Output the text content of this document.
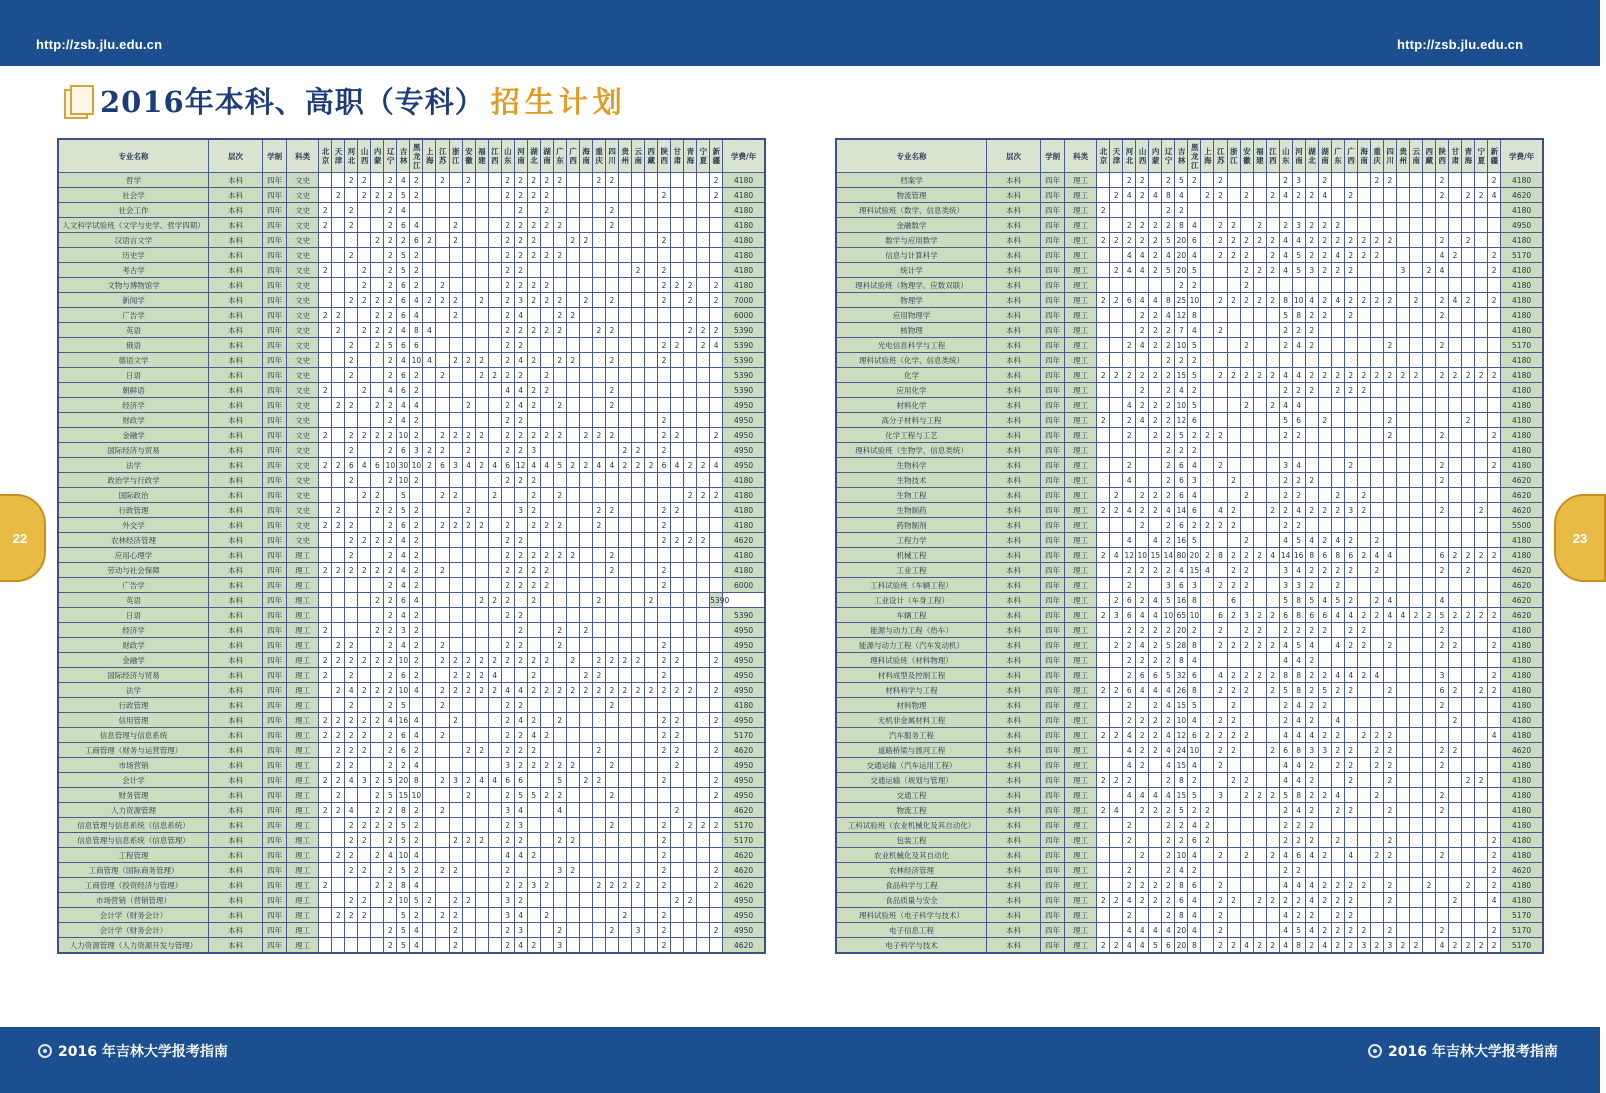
http://zsb.jlu.edu.cn	http://zsb.jlu.edu.cn
2016年本科、高职（专科） 招生计划
22	23
专业名称	层次	学制	科类	北京	天津	河北	山西	内蒙	辽宁	吉林	黑龙江	上海	江苏	浙江	安徽	福建	江西	山东	河南	湖北	湖南	广东	广西	海南	重庆	四川	贵州	云南	西藏	陕西	甘肃	青海	宁夏	新疆	学费/年
哲学	本科	四年	文史			2	2		2	4	2		2		2			2	2	2	2	2			2	2								2	4180
社会学	本科	四年	文史		2		2	2	2	5	2							2	2	2	2									2				2	4180
社会工作	本科	四年	文史	2		2			2	4									2		2					2									4180
人文科学试验班（文学与史学、哲学四期）	本科	四年	文史	2		2			2	6	4			2				2	2	2	2	2				2									4180
汉语言文学	本科	四年	文史					2	2	2	6	2		2				2	2	2			2	2						2					4180
历史学	本科	四年	文史			2			2	5	2							2	2	2	2	2													4180
考古学	本科	四年	文史	2			2		2	5	2							2	2									2		2					4180
文物与博物馆学	本科	四年	文史				2		2	6	2		2					2	2	2	2									2	2	2		2	4180
新闻学	本科	四年	文史			2	2	2	2	6	4	2	2	2		2		2	3	2	2	2		2		2				2		2		2	7000
广告学	本科	四年	文史	2	2			2	2	6	4			2				2	4			2	2												6000
英语	本科	四年	文史		2		2	2	2	4	8	4						2	2	2	2	2			2	2						2	2	2	5390
俄语	本科	四年	文史			2		2	5	6	6							2	2											2	2		2	4	5390
德语文学	本科	四年	文史			2			2	4	10	4		2	2	2		2	4	2		2	2			2				2					5390
日语	本科	四年	文史			2			2	6	2		2			2	2	2	2		2														5390
朝鲜语	本科	四年	文史	2			2		4	6	2							4	4	2	2					2									5390
经济学	本科	四年	文史		2	2		2	2	4	4				2			2	4	2		2				2									4950
财政学	本科	四年	文史						2	4	2							2	2											2					4950
金融学	本科	四年	文史	2		2	2	2	2	10	2		2	2	2	2		2	2	2	2	2		2	2	2				2	2			2	4950
国际经济与贸易	本科	四年	文史			2			2	6	3	2	2		2			2	2	3							2	2		2					4950
法学	本科	四年	文史	2	2	6	4	6	10	30	10	2	6	3	4	2	4	6	12	4	4	5	2	2	4	4	2	2	2	6	4	2	2	4	4950
政治学与行政学	本科	四年	文史			2			2	10	2							2	2	2															4180
国际政治	本科	四年	文史				2	2		5			2	2			2			2		2										2	2	2	4180
行政管理	本科	四年	文史		2			2	2	5	2				2				3	2					2	2				2	2				4180
外交学	本科	四年	文史	2	2	2			2	6	2		2	2	2	2		2		2	2	2			2					2					4180
农林经济管理	本科	四年	文史			2	2	2	2	4	2							2	2											2	2	2	2		4620
应用心理学	本科	四年	理工			2			2	4	2							2	2	2	2	2	2			2									4180
劳动与社会保障	本科	四年	理工	2	2	2	2	2	2	4	2		2					2	2	2	2					2				2					4180
广告学	本科	四年	理工						2	4	2							2	2	2	2									2					6000
英语	本科	四年	理工					2	2	6	4					2	2	2		2					2				2					5390	
日语	本科	四年	理工						2	4	2							2	2																5390
经济学	本科	四年	理工	2				2	2	3	2								2			2		2											4950
财政学	本科	四年	理工		2	2			2	4	2		2					2	2			2								2					4950
金融学	本科	四年	理工	2	2	2	2	2	2	10	2		2	2	2	2	2	2	2	2	2		2		2	2	2	2		2	2			2	4950
国际经济与贸易	本科	四年	理工	2		2			2	6	2			2	2	2	4			2				2	2					2					4950
法学	本科	四年	理工		2	4	2	2	2	10	4		2	2	2	2	2	4	4	2	2	2	2	2	2	2	2	2	2	2	2	2		2	4950
行政管理	本科	四年	理工			2			2	5			2					2	2							2									4180
信用管理	本科	四年	理工	2	2	2	2	2	4	16	4			2				2	4	2		2								2	2			2	4950
信息管理与信息系统	本科	四年	理工	2	2	2	2		2	6	4		2					2	2	4	2									2	2				5170
工商管理（财务与运营管理）	本科	四年	理工		2	2	2		2	6	2				2	2		2	2	2					2					2	2			2	4620
市场营销	本科	四年	理工		2	2			2	2	4							3	2	2	2	2	2			2					2				4950
会计学	本科	四年	理工	2	2	4	3	2	5	20	8		2	3	2	4	4	6	6			5		2	2					2				2	4950
财务管理	本科	四年	理工		2			2	5	15	10				2			2	5	5	2	2				2								2	4950
人力资源管理	本科	四年	理工	2	2	4		2	2	8	2		2					3	4			4									2				4620
信息管理与信息系统（信息系统）	本科	四年	理工			2	2	2	2	5	2							2	3							2				2		2	2	2	5170
信息管理与信息系统（信息管理）	本科	四年	理工			2	2		2	5	2			2	2	2		2	2			2	2							2					5170
工程管理	本科	四年	理工		2	2		2	4	10	4							4	4	2										2					4620
工商管理（国际商务管理）	本科	四年	理工			2	2		2	5	2		2	2				2				3	2							2				2	4620
工商管理（投资经济与管理）	本科	四年	理工	2				2	2	8	4							2	2	3	2				2	2	2	2		2				2	4620
市场营销（营销管理）	本科	四年	理工			2	2		2	10	5	2		2	2			3	2												2	2			4950
会计学（财务会计）	本科	四年	理工		2	2	2			5	2		2	2				3	4		2						2			2					4950
会计学（财务会计）	本科	四年	理工						2	5	4			2				2	3			2				2		3		2				2	4950
人力资源管理（人力资源开发与管理）	本科	四年	理工						2	5	4			2				2	4	2		3								2					4620
专业名称	层次	学制	科类	北京	天津	河北	山西	内蒙	辽宁	吉林	黑龙江	上海	江苏	浙江	安徽	福建	江西	山东	河南	湖北	湖南	广东	广西	海南	重庆	四川	贵州	云南	西藏	陕西	甘肃	青海	宁夏	新疆	学费/年
档案学	本科	四年	理工			2	2		2	5	2		2					2	3		2				2	2				2				2	4180
物流管理	本科	四年	理工		2	4	2	4	8	4		2	2		2		2	4	2	2	4		2							2		2	2	4	4620
理科试验班（数学、信息类统）	本科	四年	理工	2					2	2																									4180
金融数学	本科	四年	理工			2	2	2	2	8	4		2	2		2		2	3	2	2	2													4950
数学与应用数学	本科	四年	理工	2	2	2	2	2	5	20	6		2	2	2	2	2	4	4	2	2	2	2	2	2	2				2		2			4180
信息与计算科学	本科	四年	理工			4	4	2	4	20	4		2	2	2		2	4	5	2	2	4	2	2	2					4	2			2	5170
统计学	本科	四年	理工		2	4	4	2	5	20	5				2	2	2	4	5	3	2	2	2				3		2	4				2	4180
理科试验班（物理学、应数双联）	本科	四年	理工							2	2				2																				4180
物理学	本科	四年	理工	2	2	6	4	4	8	25	10		2	2	2	2	2	8	10	4	2	4	2	2	2	2		2		2	4	2		2	4180
应用物理学	本科	四年	理工				2	2	4	12	8							5	8	2	2		2							2					4180
核物理	本科	四年	理工				2	2	2	7	4		2					2	2	2															4180
光电信息科学与工程	本科	四年	理工			2	4	2	2	10	5				2			2	4	2						2				2					5170
理科试验班（化学、信息类统）	本科	四年	理工						2	2	2																								4180
化学	本科	四年	理工	2	2	2	2	2	2	15	5		2	2	2	2	2	4	4	2	2	2	2	2	2	2	2	2		2	2	2	2	2	4180
应用化学	本科	四年	理工				2		2	4	2							2	2	2		2	2	2											4180
材料化学	本科	四年	理工			4	2	2	2	10	5				2		2	4	4																4180
高分子材料与工程	本科	四年	理工	2		2	4	2	2	12	6							5	6		2					2						2			4180
化学工程与工艺	本科	四年	理工			2		2	2	5	2	2	2					2	2							2				2				2	4180
理科试验班（生物学、信息类统）	本科	四年	理工						2	2	2																								4180
生物科学	本科	四年	理工			2			2	6	4		2					3	4				2							2				2	4180
生物技术	本科	四年	理工			4			2	6	3			2				2	2	2										2					4620
生物工程	本科	四年	理工		2		2	2	2	6	4				2			2	2			2		2											4620
生物制药	本科	四年	理工	2	2	4	2	2	4	14	6		4	2			2	2	4	2	2	2	3	2						2			2		4620
药物制剂	本科	四年	理工				2		2	6	2	2	2	2				2	2																5500
工程力学	本科	四年	理工			4		4	2	16	5				2			4	5	4	2	4	2		2										4180
机械工程	本科	四年	理工	2	4	12	10	15	14	80	20	2	8	2	2	2	4	14	16	8	6	8	6	2	4	4				6	2	2	2	2	4180
工业工程	本科	四年	理工			2	2	2	2	4	15	4		2	2			3	4	2	2	2	2		2					2		2			4620
工科试验班（车辆工程）	本科	四年	理工			2			3	6	3		2	2	2			3	3	2		2													4620
工业设计（车身工程）	本科	四年	理工		2	6	2	4	5	16	8			6				5	8	5	4	5	2		2	4				4					4620
车辆工程	本科	四年	理工	2	3	6	4	4	10	65	10		6	2	3	2	2	6	8	6	6	4	4	2	2	4	4	2	2	5	2	2	2	2	4620
能源与动力工程（热车）	本科	四年	理工			2	2	2	2	20	2		2		2	2		2	2	2	2		2	2						2					4180
能源与动力工程（汽车发动机）	本科	四年	理工		2	2	4	2	5	28	8		2	2	2	2	2	4	5	4		4	2	2		2				2	2			2	4180
理科试验班（材料物理）	本科	四年	理工			2	2	2	2	8	4							4	4	2															4180
材料成型及控制工程	本科	四年	理工			2	6	6	5	32	6		4	2	2	2	2	8	8	2	2	4	4	2	4					3				2	4180
材料科学与工程	本科	四年	理工	2	2	6	4	4	4	26	8		2	2	2		2	5	8	2	5	2	2			2				6	2		2	2	4180
材料物理	本科	四年	理工			2		2	4	15	5			2				2	4	2	2									2					4180
无机非金属材料工程	本科	四年	理工			2	2	2	2	10	4		2	2				2	4	2		4									2				4180
汽车服务工程	本科	四年	理工	2	2	4	2	2	4	12	6	2	2	2	2			4	4	4	2	2		2	2	2								4	4180
道路桥梁与渡河工程	本科	四年	理工			4	2	2	4	24	10		2	2			2	6	8	3	3	2	2		2	2				2	2				4620
交通运输（汽车运用工程）	本科	四年	理工			4	2		4	15	4		2					4	4	2		2	2		2	2				2					4180
交通运输（规划与管理）	本科	四年	理工	2	2	2			2	8	2			2	2			4	4	2			2			2						2	2		4180
交通工程	本科	四年	理工			4	4	4	4	15	5		3		2	2	2	5	8	2	2	4			2					2					4180
物流工程	本科	四年	理工	2	4		2	2	2	5	2	2						2	4	2		2	2			2				2					4180
工科试验班（农业机械化及其自动化）	本科	四年	理工			2			2	2	4	2						2	2	2															4180
包装工程	本科	四年	理工			2			2	2	6	2						2	2	2		2				2								2	4180
农业机械化及其自动化	本科	四年	理工				2		2	10	4		2		2		2	4	6	4	2		4		2	2				2				2	4180
农林经济管理	本科	四年	理工			2			2	4	2							2	2															2	4620
食品科学与工程	本科	四年	理工			2	2	2	2	8	6		2					4	4	4	2	2	2	2		2			2			2		2	4180
食品质量与安全	本科	四年	理工	2	2	4	2	2	2	6	4		2	2		2	2	2	2	4	2	2	2			2					2			4	4180
理科试验班（电子科学与技术）	本科	四年	理工			2			2	8	4		2					4	2	2		2	2												5170
电子信息工程	本科	四年	理工			4	4	4	4	20	4		2					4	5	4	2	2	2	2		2				2				2	5170
电子科学与技术	本科	四年	理工	2	2	4	4	5	6	20	8		2	2	4	2	2	4	8	2	4	2	2	3	2	3	2	2		4	2	2	2	2	5170
2016 年吉林大学报考指南	2016 年吉林大学报考指南
